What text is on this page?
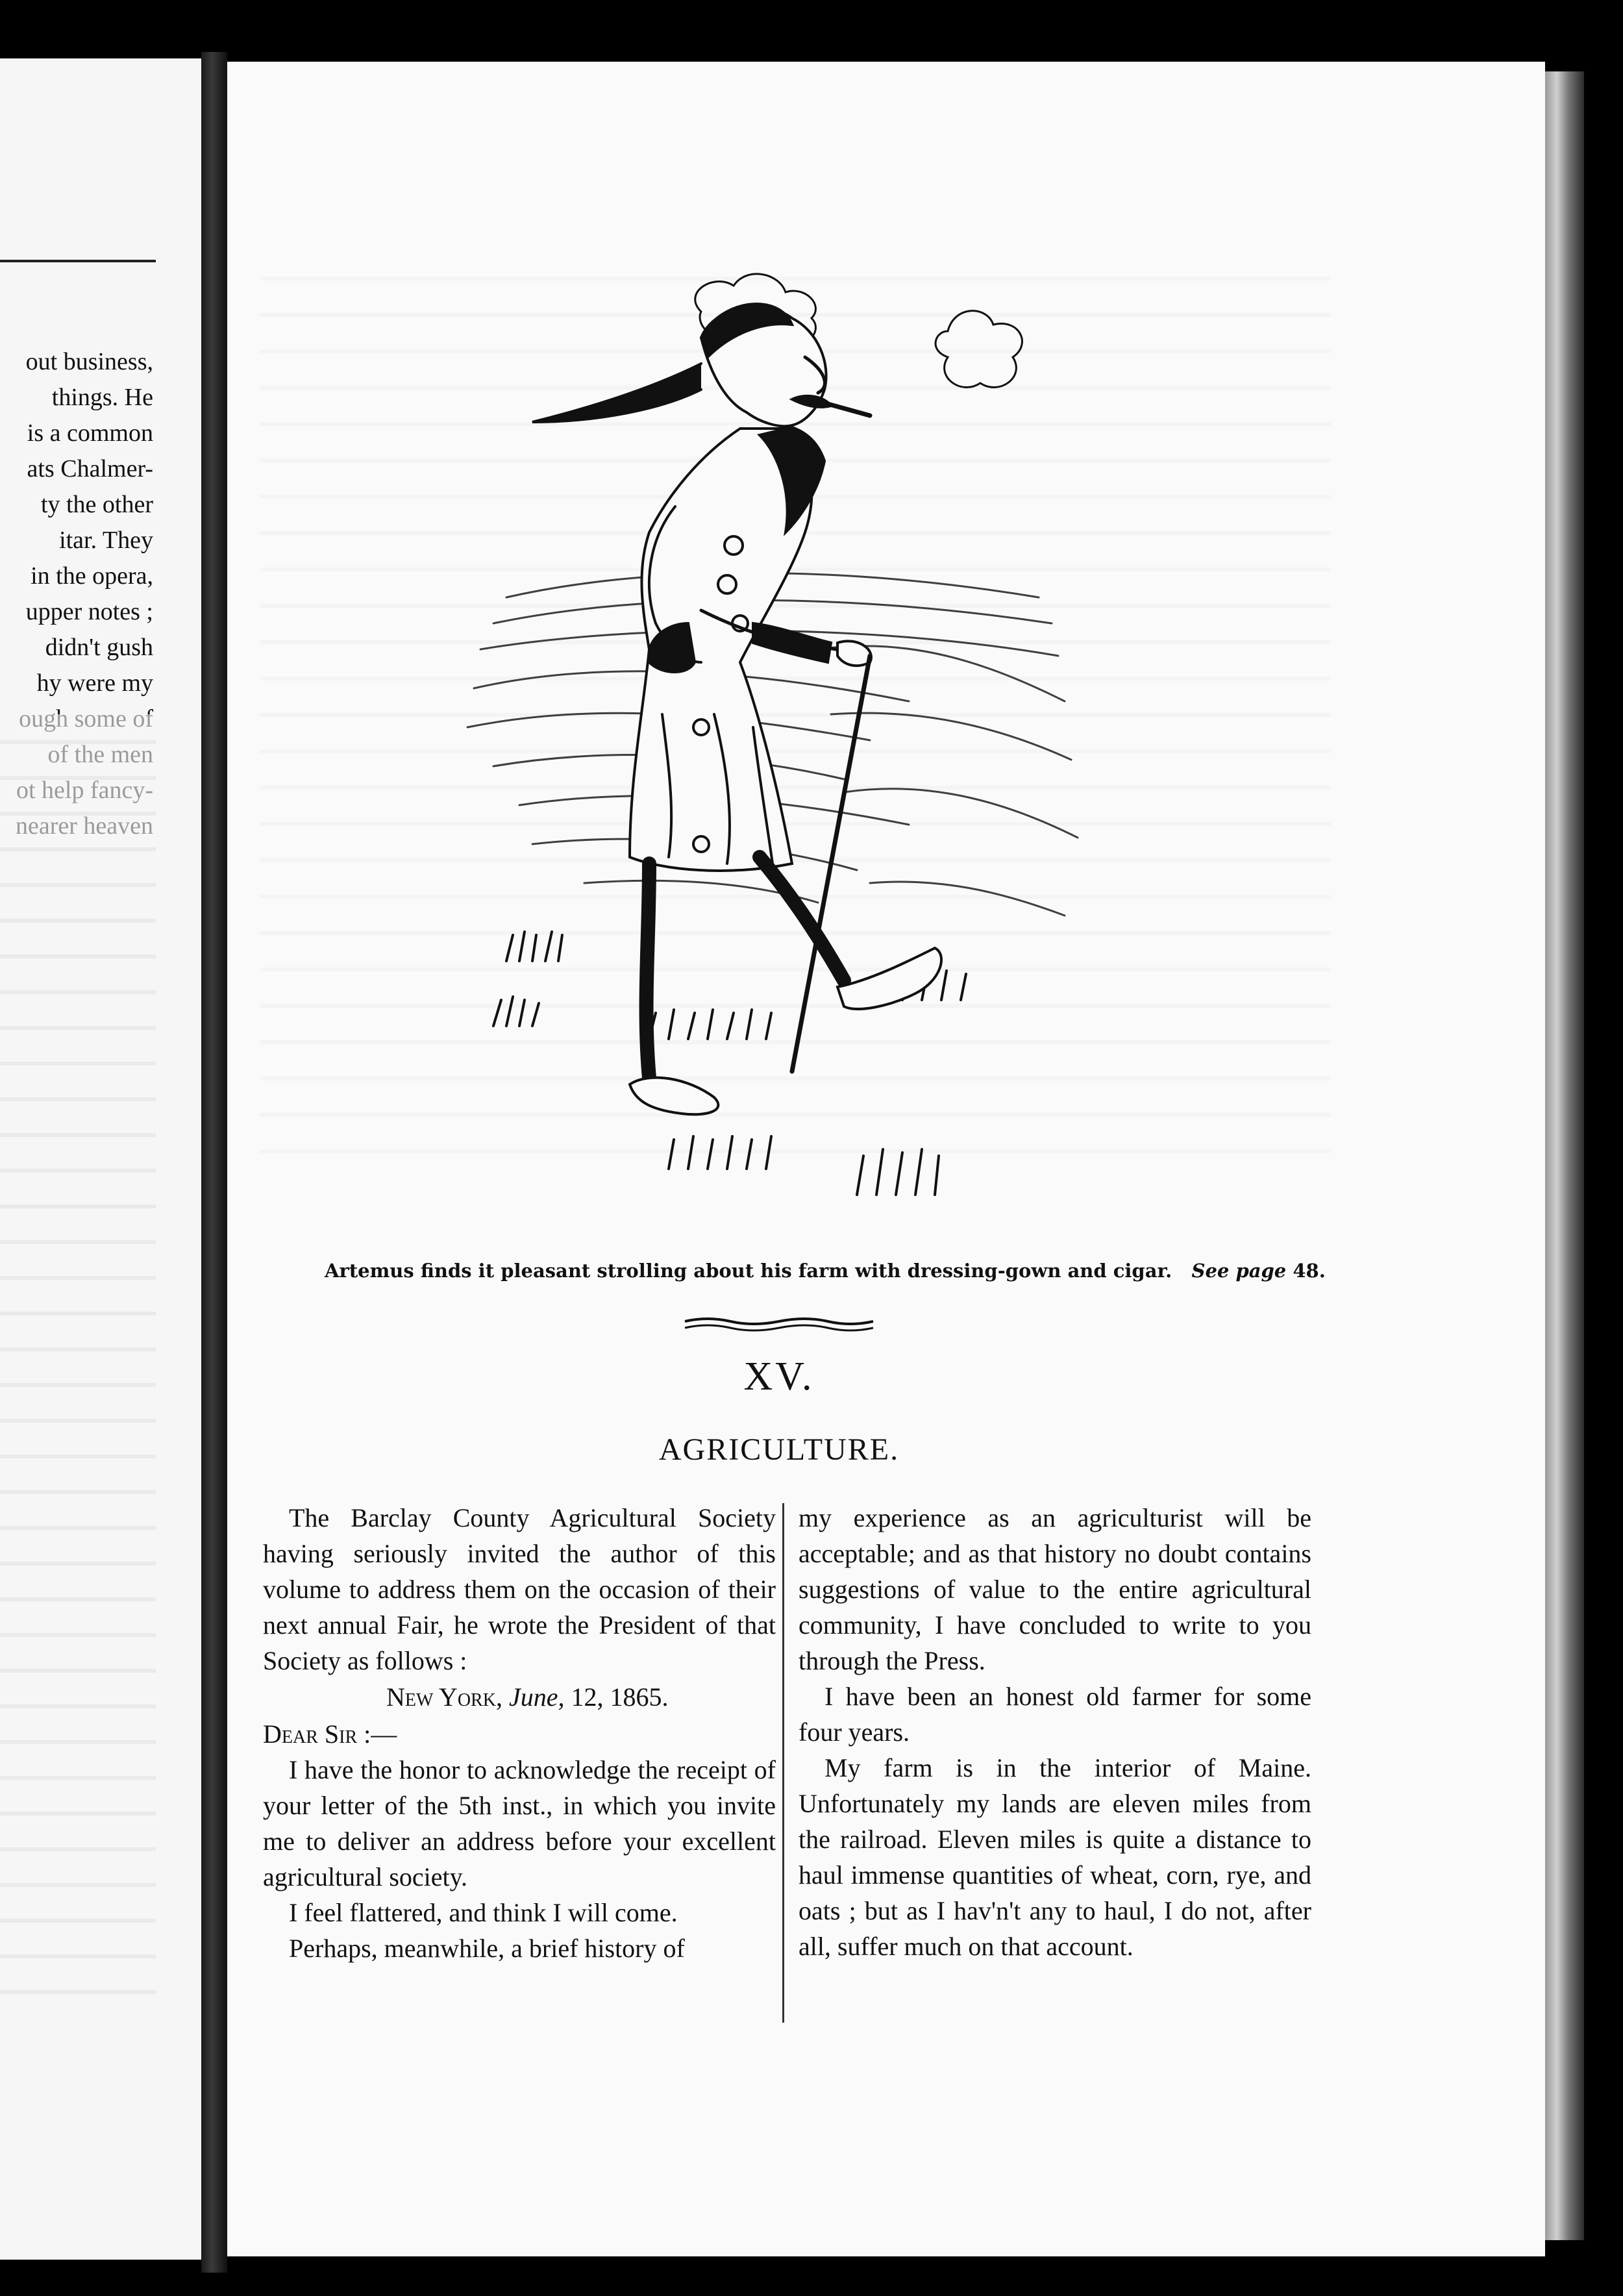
out business,
things. He
is a common
ats Chalmer-
ty the other
itar. They
in the opera,
upper notes ;
didn't gush
hy were my
Artemus finds it pleasant strolling about his farm with dressing-gown and cigar. See page 48.
XV.
AGRICULTURE.

The Barclay County Agricultural Society having seriously invited the author of this volume to address them on the occasion of their next annual Fair, he wrote the President of that Society as follows :

New York, June, 12, 1865.

Dear Sir :—

I have the honor to acknowledge the receipt of your letter of the 5th inst., in which you invite me to deliver an address before your excellent agricultural society.

I feel flattered, and think I will come.

Perhaps, meanwhile, a brief history of

my experience as an agriculturist will be acceptable; and as that history no doubt contains suggestions of value to the entire agricultural community, I have concluded to write to you through the Press.

I have been an honest old farmer for some four years.

My farm is in the interior of Maine. Unfortunately my lands are eleven miles from the railroad. Eleven miles is quite a distance to haul immense quantities of wheat, corn, rye, and oats ; but as I hav'n't any to haul, I do not, after all, suffer much on that account.
